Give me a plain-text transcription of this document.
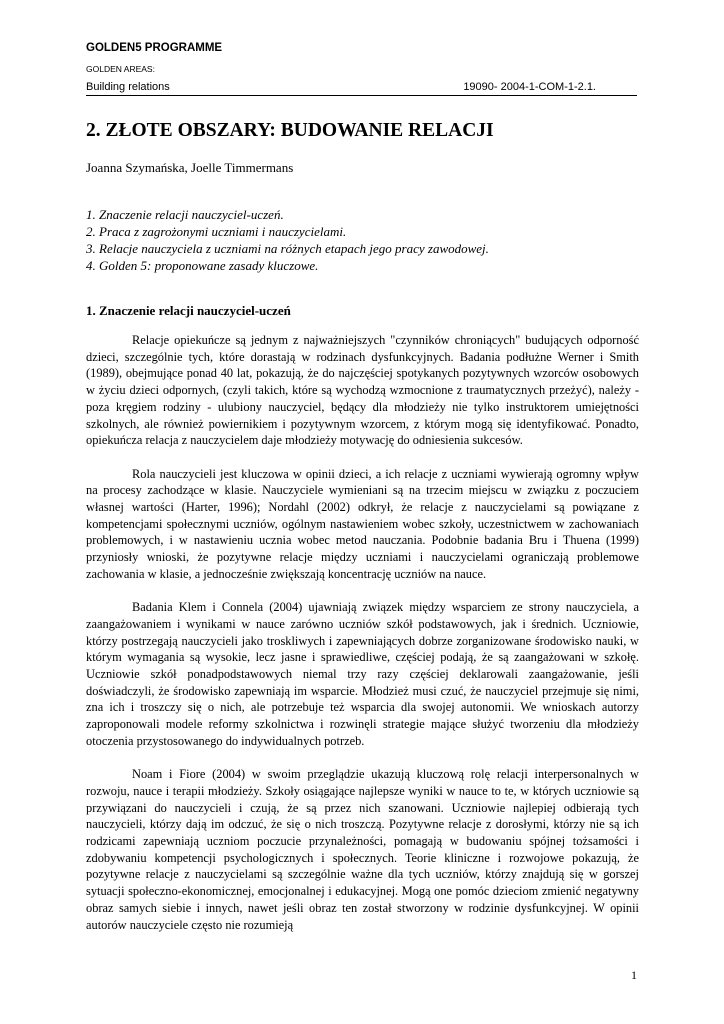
GOLDEN5 PROGRAMME
GOLDEN AREAS:
Building relations	19090- 2004-1-COM-1-2.1.
2. ZŁOTE OBSZARY: BUDOWANIE RELACJI
Joanna Szymańska, Joelle Timmermans
1. Znaczenie relacji nauczyciel-uczeń.
2. Praca z zagrożonymi uczniami i nauczycielami.
3. Relacje nauczyciela z uczniami na różnych etapach jego pracy zawodowej.
4. Golden 5: proponowane zasady kluczowe.
1. Znaczenie relacji nauczyciel-uczeń

Relacje opiekuńcze są jednym z najważniejszych "czynników chroniących" budujących odporność dzieci, szczególnie tych, które dorastają w rodzinach dysfunkcyjnych. Badania podłużne Werner i Smith (1989), obejmujące ponad 40 lat, pokazują, że do najczęściej spotykanych pozytywnych wzorców osobowych w życiu dzieci odpornych, (czyli takich, które są wychodzą wzmocnione z traumatycznych przeżyć), należy - poza kręgiem rodziny - ulubiony nauczyciel, będący dla młodzieży nie tylko instruktorem umiejętności szkolnych, ale również powiernikiem i pozytywnym wzorcem, z którym mogą się identyfikować. Ponadto, opiekuńcza relacja z nauczycielem daje młodzieży motywację do odniesienia sukcesów.

Rola nauczycieli jest kluczowa w opinii dzieci, a ich relacje z uczniami wywierają ogromny wpływ na procesy zachodzące w klasie. Nauczyciele wymieniani są na trzecim miejscu w związku z poczuciem własnej wartości (Harter, 1996); Nordahl (2002) odkrył, że relacje z nauczycielami są powiązane z kompetencjami społecznymi uczniów, ogólnym nastawieniem wobec szkoły, uczestnictwem w zachowaniach problemowych, i w nastawieniu ucznia wobec metod nauczania. Podobnie badania Bru i Thuena (1999) przyniosły wnioski, że pozytywne relacje między uczniami i nauczycielami ograniczają problemowe zachowania w klasie, a jednocześnie zwiększają koncentrację uczniów na nauce.

Badania Klem i Connela (2004) ujawniają związek między wsparciem ze strony nauczyciela, a zaangażowaniem i wynikami w nauce zarówno uczniów szkół podstawowych, jak i średnich. Uczniowie, którzy postrzegają nauczycieli jako troskliwych i zapewniających dobrze zorganizowane środowisko nauki, w którym wymagania są wysokie, lecz jasne i sprawiedliwe, częściej podają, że są zaangażowani w szkołę. Uczniowie szkół ponadpodstawowych niemal trzy razy częściej deklarowali zaangażowanie, jeśli doświadczyli, że środowisko zapewniają im wsparcie. Młodzież musi czuć, że nauczyciel przejmuje się nimi, zna ich i troszczy się o nich, ale potrzebuje też wsparcia dla swojej autonomii. We wnioskach autorzy zaproponowali modele reformy szkolnictwa i rozwinęli strategie mające służyć tworzeniu dla młodzieży otoczenia przystosowanego do indywidualnych potrzeb.

Noam i Fiore (2004) w swoim przeglądzie ukazują kluczową rolę relacji interpersonalnych w rozwoju, nauce i terapii młodzieży. Szkoły osiągające najlepsze wyniki w nauce to te, w których uczniowie są przywiązani do nauczycieli i czują, że są przez nich szanowani. Uczniowie najlepiej odbierają tych nauczycieli, którzy dają im odczuć, że się o nich troszczą. Pozytywne relacje z dorosłymi, którzy nie są ich rodzicami zapewniają uczniom poczucie przynależności, pomagają w budowaniu spójnej tożsamości i zdobywaniu kompetencji psychologicznych i społecznych. Teorie kliniczne i rozwojowe pokazują, że pozytywne relacje z nauczycielami są szczególnie ważne dla tych uczniów, którzy znajdują się w gorszej sytuacji społeczno-ekonomicznej, emocjonalnej i edukacyjnej. Mogą one pomóc dzieciom zmienić negatywny obraz samych siebie i innych, nawet jeśli obraz ten został stworzony w rodzinie dysfunkcyjnej. W opinii autorów nauczyciele często nie rozumieją

1
